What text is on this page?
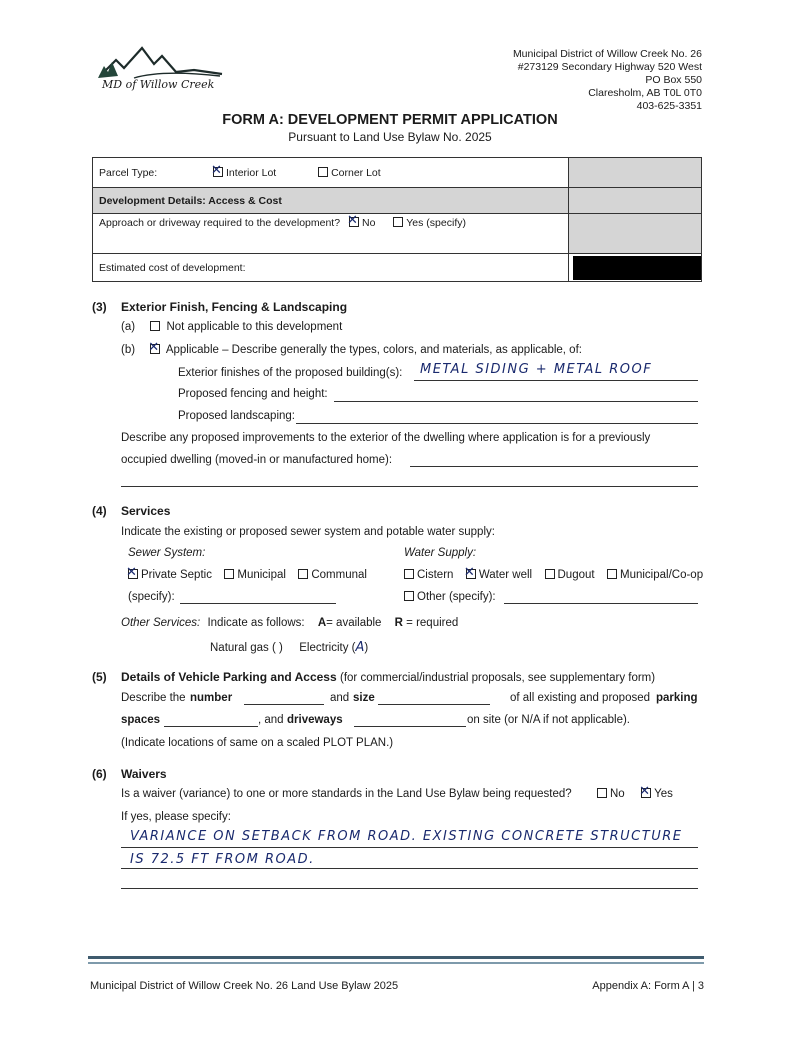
MD of Willow Creek
Municipal District of Willow Creek No. 26
#273129 Secondary Highway 520 West
PO Box 550
Claresholm, AB T0L 0T0
403-625-3351
FORM A: DEVELOPMENT PERMIT APPLICATION
Pursuant to Land Use Bylaw No. 2025
Parcel Type: ✕ Interior Lot Corner Lot	
Development Details: Access & Cost	
Approach or driveway required to the development? ✕ No Yes (specify)	
Estimated cost of development:	
(3) Exterior Finish, Fencing & Landscaping
(a)	Not applicable to this development
(b) ✕	Applicable – Describe generally the types, colors, and materials, as applicable, of:
Exterior finishes of the proposed building(s): METAL SIDING + METAL ROOF
Proposed fencing and height:
Proposed landscaping:
Describe any proposed improvements to the exterior of the dwelling where application is for a previously
occupied dwelling (moved-in or manufactured home):
(4) Services
Indicate the existing or proposed sewer system and potable water supply:
Sewer System:	Water Supply:
✕Private Septic Municipal Communal	Cistern ✕ Water well Dugout Municipal/Co-op
(specify):	Other (specify):
Other Services: Indicate as follows: A= available R = required
Natural gas ( ) Electricity (A)
(5) Details of Vehicle Parking and Access (for commercial/industrial proposals, see supplementary form)
Describe the number	and size	of all existing and proposed parking
spaces	, and driveways	on site (or N/A if not applicable).
(Indicate locations of same on a scaled PLOT PLAN.)
(6) Waivers
Is a waiver (variance) to one or more standards in the Land Use Bylaw being requested?	No ✕	Yes
If yes, please specify:
VARIANCE ON SETBACK FROM ROAD. EXISTING CONCRETE STRUCTURE
IS 72.5 FT FROM ROAD.
Municipal District of Willow Creek No. 26 Land Use Bylaw 2025	Appendix A: Form A | 3
